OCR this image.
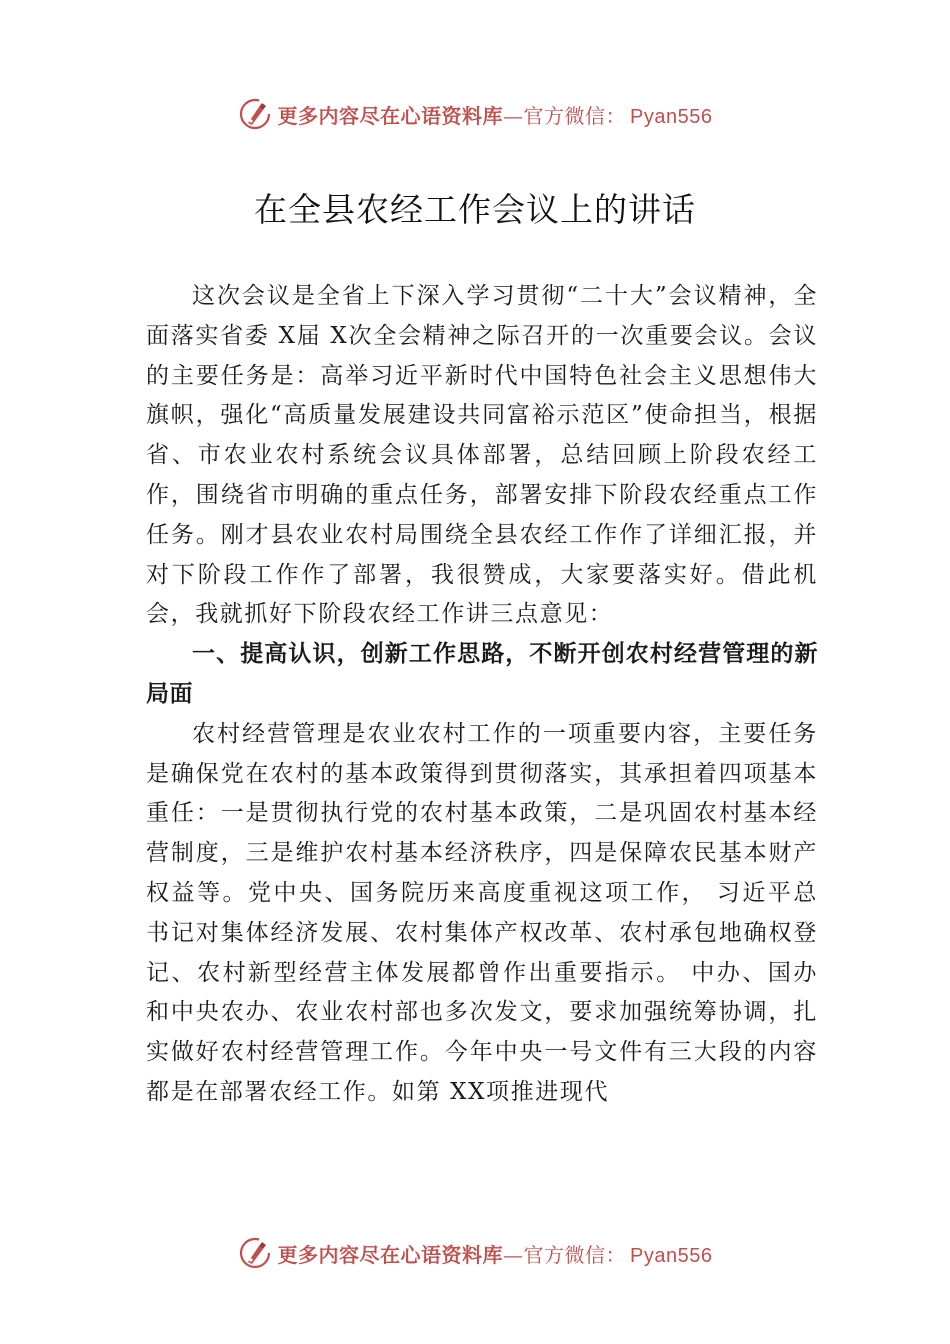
更多内容尽在心语资料库—官方微信： Pyan556
在全县农经工作会议上的讲话

这次会议是全省上下深入学习贯彻“二十大”会议精神，全面落实省委 X届 X次全会精神之际召开的一次重要会议。会议的主要任务是：高举习近平新时代中国特色社会主义思想伟大旗帜，强化“高质量发展建设共同富裕示范区”使命担当，根据省、市农业农村系统会议具体部署，总结回顾上阶段农经工作，围绕省市明确的重点任务，部署安排下阶段农经重点工作任务。刚才县农业农村局围绕全县农经工作作了详细汇报，并对下阶段工作作了部署，我很赞成，大家要落实好。借此机会，我就抓好下阶段农经工作讲三点意见：

一、提高认识，创新工作思路，不断开创农村经营管理的新局面

农村经营管理是农业农村工作的一项重要内容，主要任务是确保党在农村的基本政策得到贯彻落实，其承担着四项基本重任：一是贯彻执行党的农村基本政策，二是巩固农村基本经营制度，三是维护农村基本经济秩序，四是保障农民基本财产权益等。党中央、国务院历来高度重视这项工作， 习近平总书记对集体经济发展、农村集体产权改革、农村承包地确权登记、农村新型经营主体发展都曾作出重要指示。 中办、国办和中央农办、农业农村部也多次发文，要求加强统筹协调，扎实做好农村经营管理工作。今年中央一号文件有三大段的内容都是在部署农经工作。如第 XX项推进现代

更多内容尽在心语资料库—官方微信： Pyan556
